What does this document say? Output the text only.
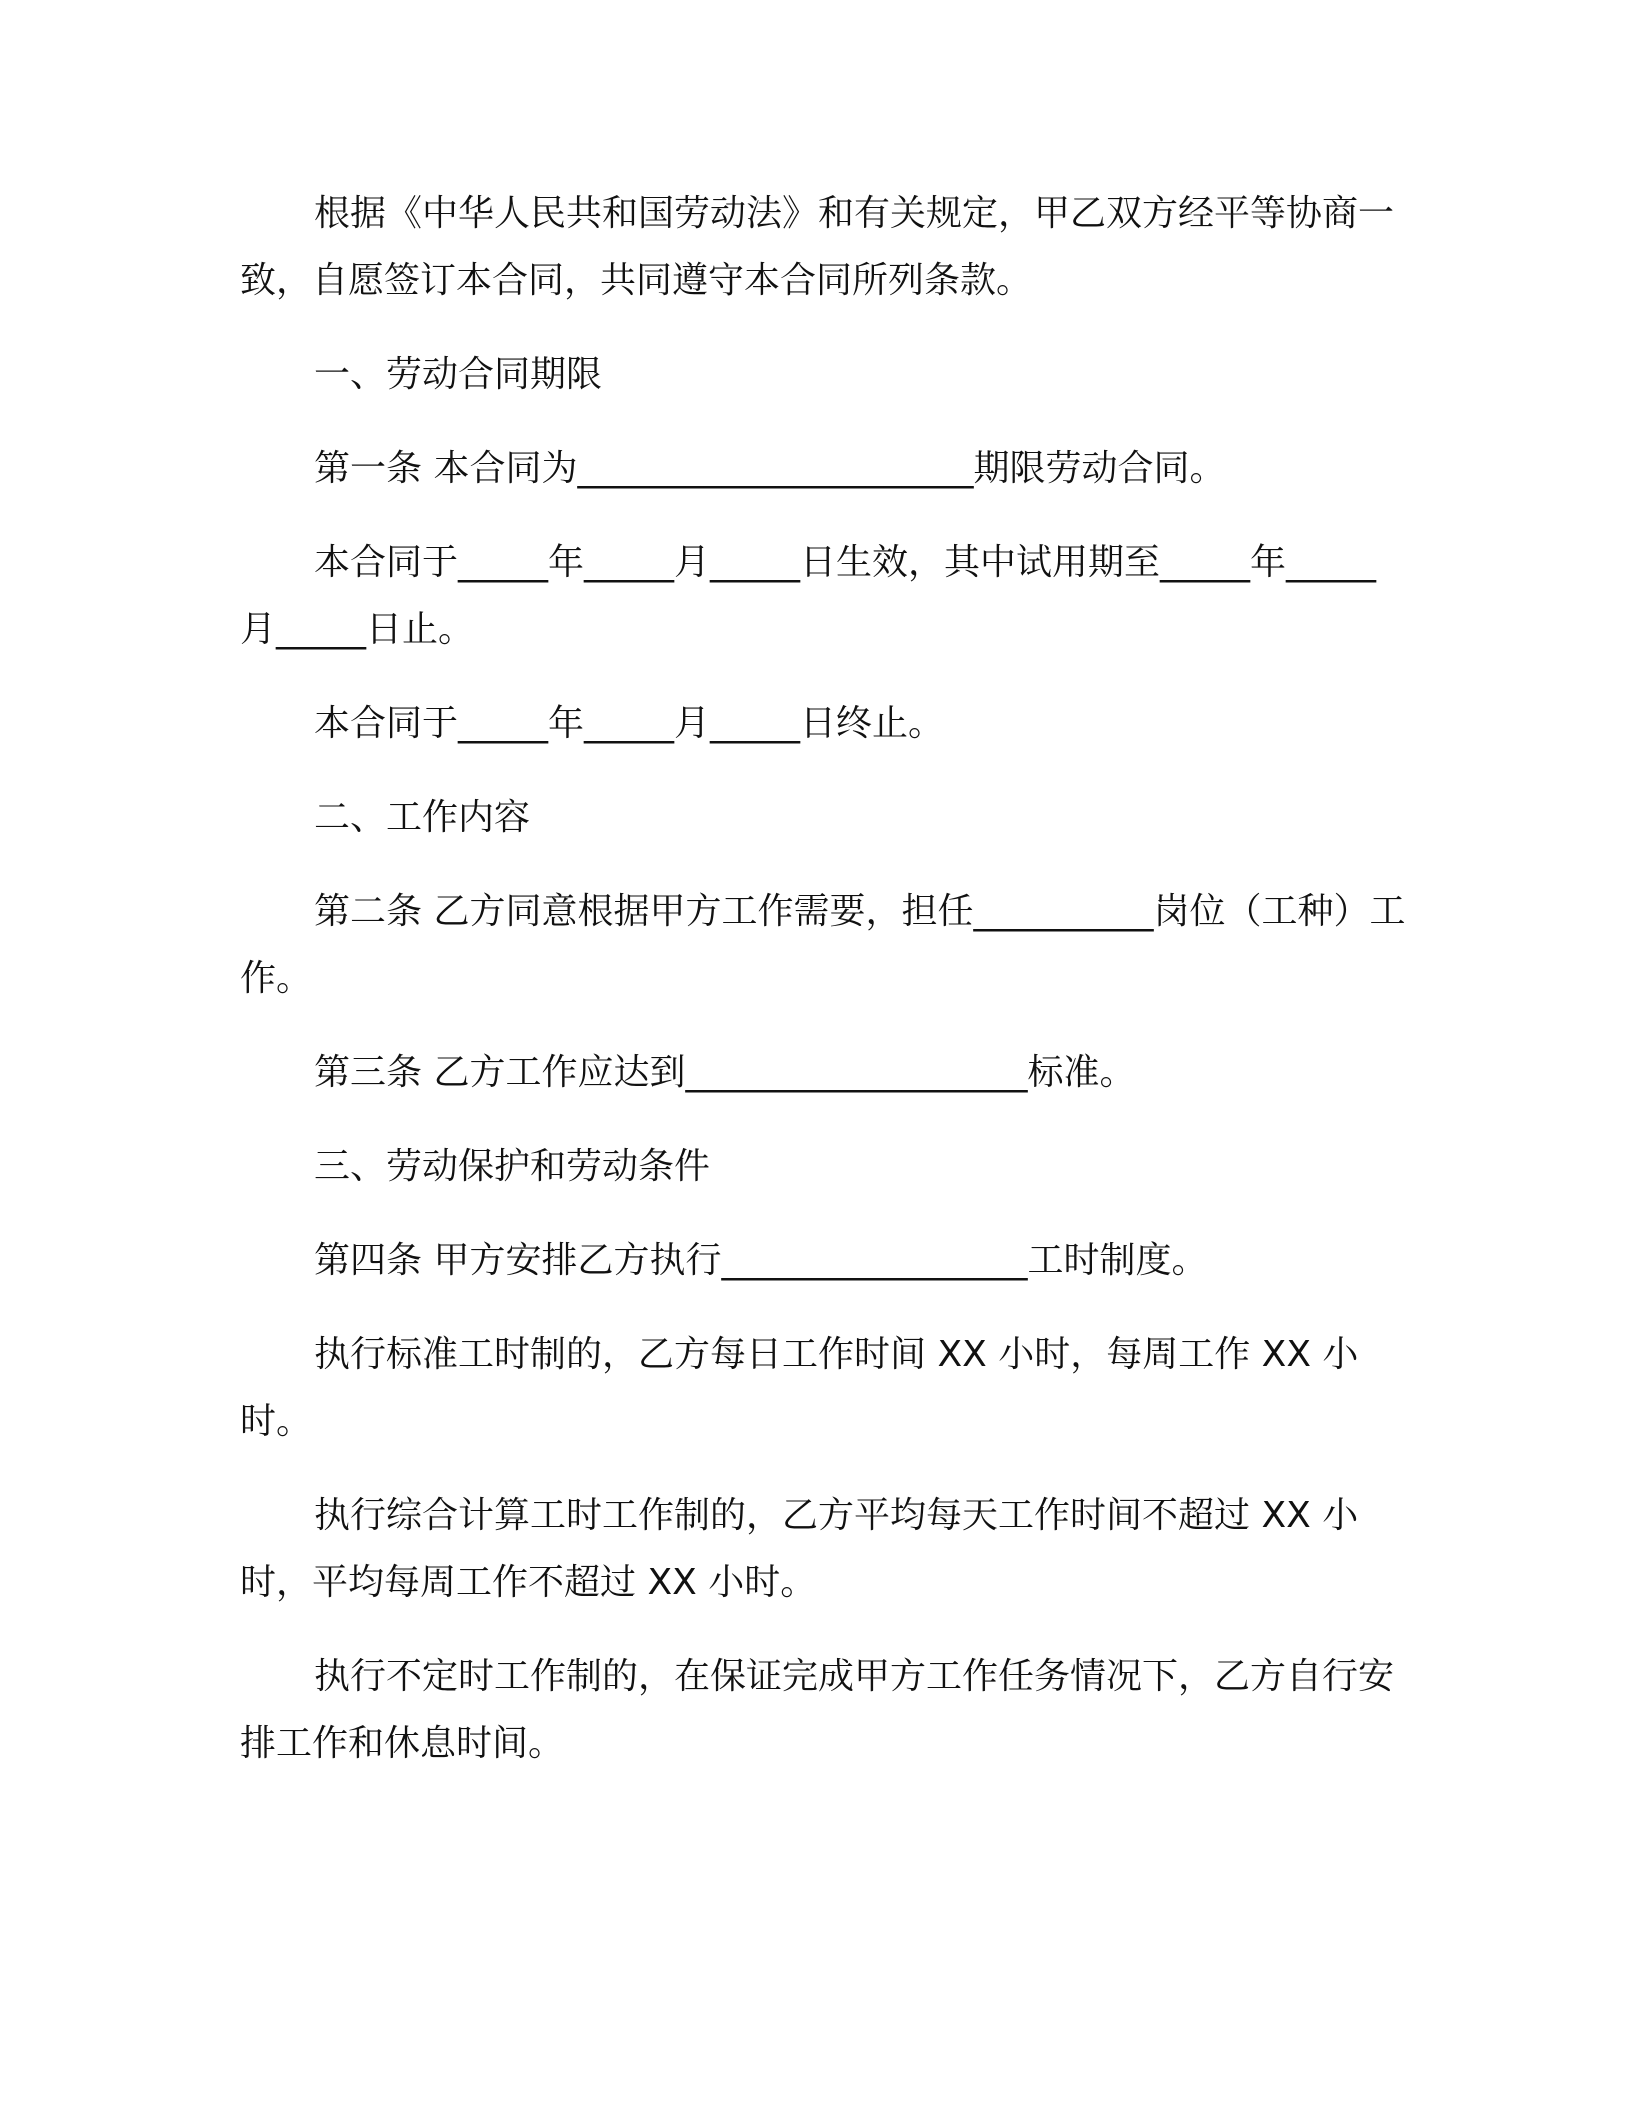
根据《中华人民共和国劳动法》和有关规定，甲乙双方经平等协商一致，自愿签订本合同，共同遵守本合同所列条款。

一、劳动合同期限

第一条 本合同为______________________期限劳动合同。

本合同于_____年_____月_____日生效，其中试用期至_____年_____月_____日止。

本合同于_____年_____月_____日终止。

二、工作内容

第二条 乙方同意根据甲方工作需要，担任__________岗位（工种）工作。

第三条 乙方工作应达到___________________标准。

三、劳动保护和劳动条件

第四条 甲方安排乙方执行_________________工时制度。

执行标准工时制的，乙方每日工作时间 XX 小时，每周工作 XX 小时。

执行综合计算工时工作制的，乙方平均每天工作时间不超过 XX 小时，平均每周工作不超过 XX 小时。

执行不定时工作制的，在保证完成甲方工作任务情况下，乙方自行安排工作和休息时间。
